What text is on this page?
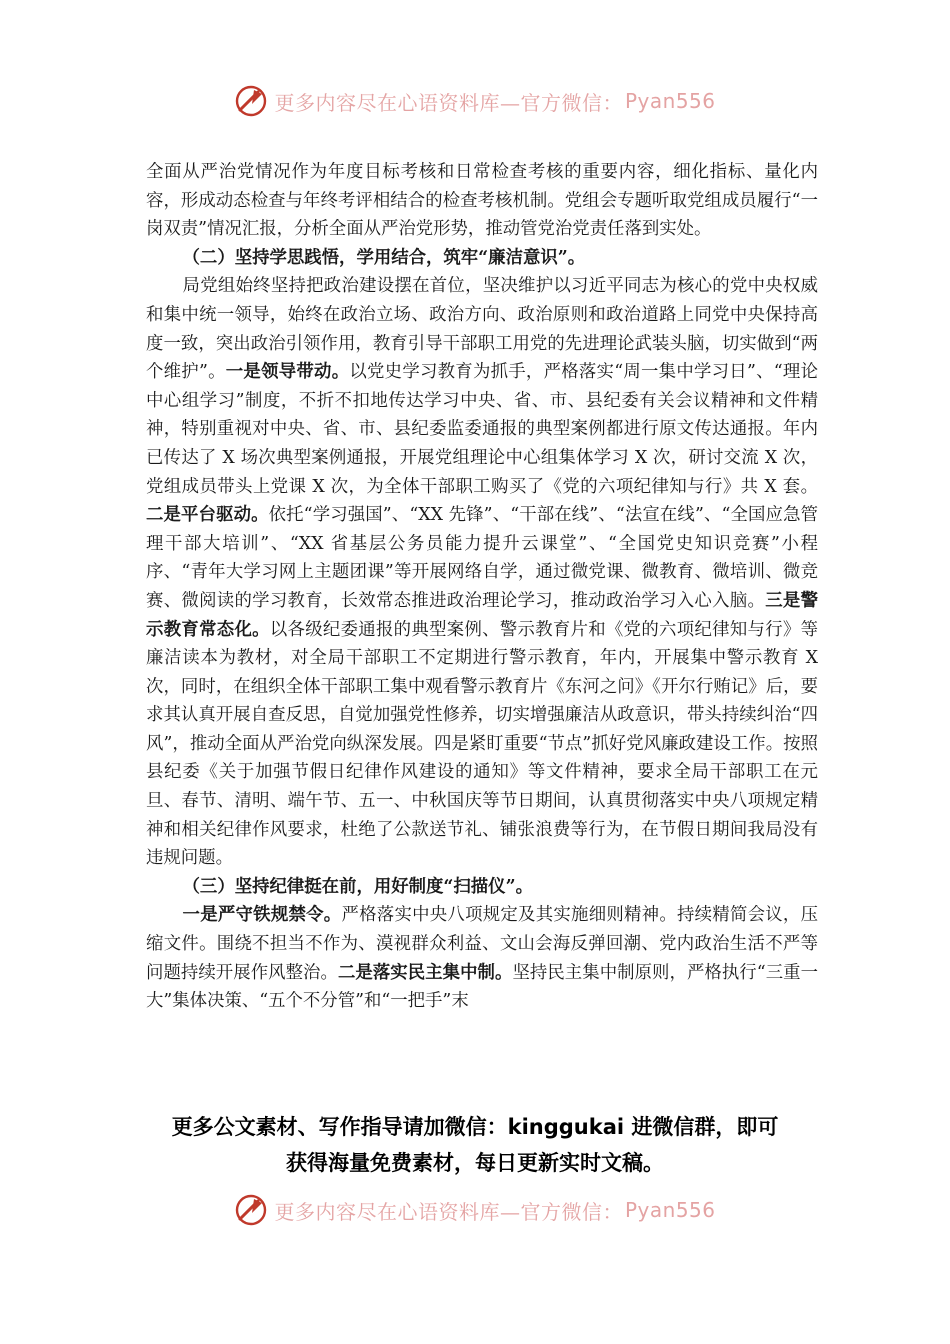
更多内容尽在心语资料库—官方微信： Pyan556

全面从严治党情况作为年度目标考核和日常检查考核的重要内容，细化指标、量化内容，形成动态检查与年终考评相结合的检查考核机制。党组会专题听取党组成员履行“一岗双责”情况汇报，分析全面从严治党形势，推动管党治党责任落到实处。

（二）坚持学思践悟，学用结合，筑牢“廉洁意识”。

局党组始终坚持把政治建设摆在首位，坚决维护以习近平同志为核心的党中央权威和集中统一领导，始终在政治立场、政治方向、政治原则和政治道路上同党中央保持高度一致，突出政治引领作用，教育引导干部职工用党的先进理论武装头脑，切实做到“两个维护”。一是领导带动。以党史学习教育为抓手，严格落实“周一集中学习日”、“理论中心组学习”制度，不折不扣地传达学习中央、省、市、县纪委有关会议精神和文件精神，特别重视对中央、省、市、县纪委监委通报的典型案例都进行原文传达通报。年内已传达了 X 场次典型案例通报，开展党组理论中心组集体学习 X 次，研讨交流 X 次，党组成员带头上党课 X 次，为全体干部职工购买了《党的六项纪律知与行》共 X 套。二是平台驱动。依托“学习强国”、“XX 先锋”、“干部在线”、“法宣在线”、“全国应急管理干部大培训”、“XX 省基层公务员能力提升云课堂”、“全国党史知识竞赛”小程序、“青年大学习网上主题团课”等开展网络自学，通过微党课、微教育、微培训、微竞赛、微阅读的学习教育，长效常态推进政治理论学习，推动政治学习入心入脑。三是警示教育常态化。以各级纪委通报的典型案例、警示教育片和《党的六项纪律知与行》等廉洁读本为教材，对全局干部职工不定期进行警示教育，年内，开展集中警示教育 X 次，同时，在组织全体干部职工集中观看警示教育片《东河之问》《开尔行贿记》后，要求其认真开展自查反思，自觉加强党性修养，切实增强廉洁从政意识，带头持续纠治“四风”，推动全面从严治党向纵深发展。四是紧盯重要“节点”抓好党风廉政建设工作。按照县纪委《关于加强节假日纪律作风建设的通知》等文件精神，要求全局干部职工在元旦、春节、清明、端午节、五一、中秋国庆等节日期间，认真贯彻落实中央八项规定精神和相关纪律作风要求，杜绝了公款送节礼、铺张浪费等行为，在节假日期间我局没有违规问题。

（三）坚持纪律挺在前，用好制度“扫描仪”。

一是严守铁规禁令。严格落实中央八项规定及其实施细则精神。持续精简会议，压缩文件。围绕不担当不作为、漠视群众利益、文山会海反弹回潮、党内政治生活不严等问题持续开展作风整治。二是落实民主集中制。坚持民主集中制原则，严格执行“三重一大”集体决策、“五个不分管”和“一把手”末

更多公文素材、写作指导请加微信：kinggukai 进微信群，即可
获得海量免费素材，每日更新实时文稿。
更多内容尽在心语资料库—官方微信： Pyan556
